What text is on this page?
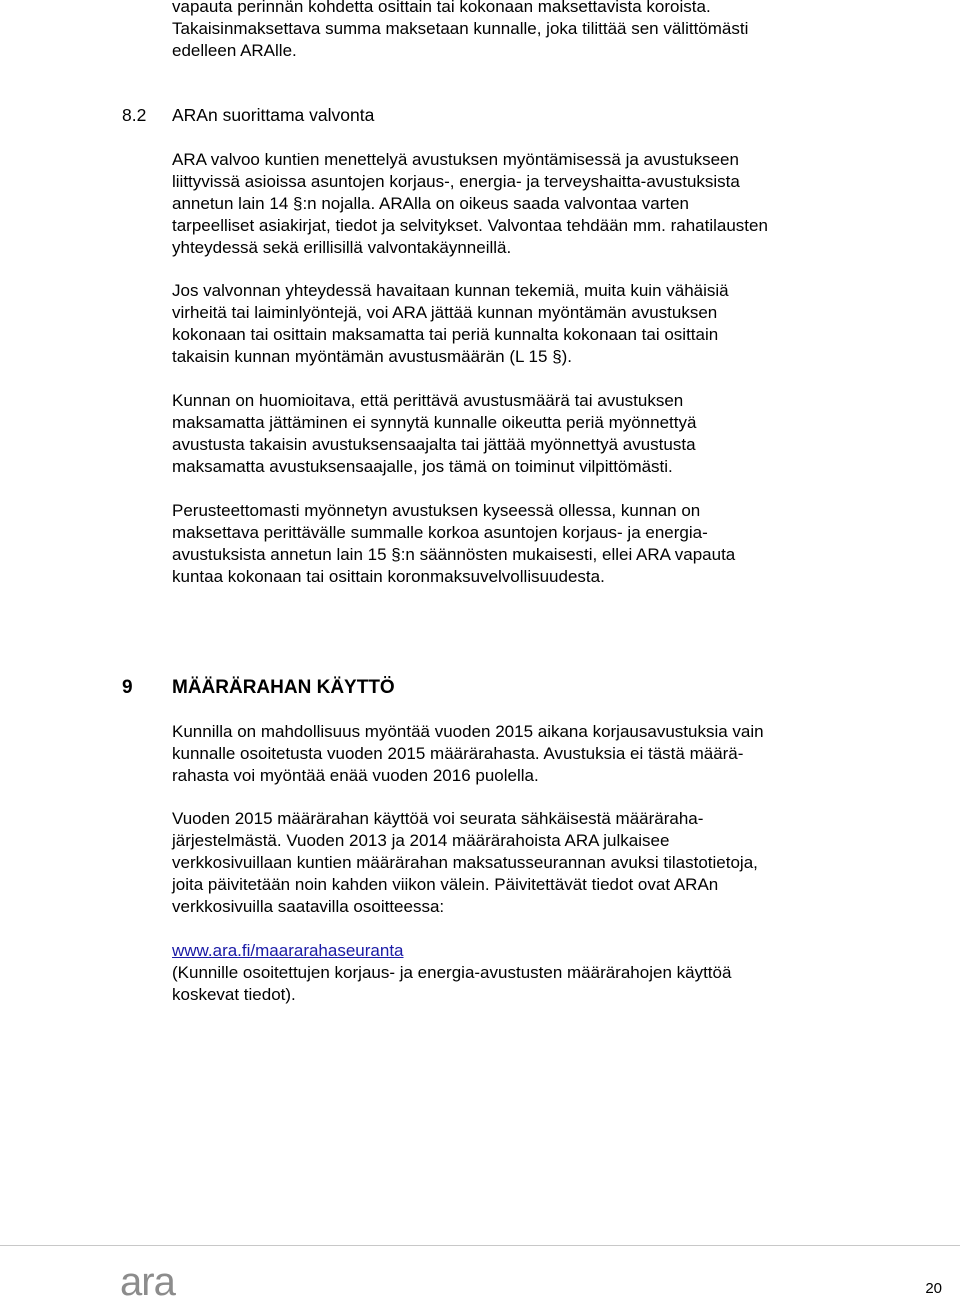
vapauta perinnän kohdetta osittain tai kokonaan maksettavista koroista.
Takaisinmaksettava summa maksetaan kunnalle, joka tilittää sen välittömästi
edelleen ARAlle.
8.2 ARAn suorittama valvonta
ARA valvoo kuntien menettelyä avustuksen myöntämisessä ja avustukseen
liittyvissä asioissa asuntojen korjaus-, energia- ja terveyshaitta-avustuksista
annetun lain 14 §:n nojalla. ARAlla on oikeus saada valvontaa varten
tarpeelliset asiakirjat, tiedot ja selvitykset. Valvontaa tehdään mm. rahatilausten
yhteydessä sekä erillisillä valvontakäynneillä.
Jos valvonnan yhteydessä havaitaan kunnan tekemiä, muita kuin vähäisiä
virheitä tai laiminlyöntejä, voi ARA jättää kunnan myöntämän avustuksen
kokonaan tai osittain maksamatta tai periä kunnalta kokonaan tai osittain
takaisin kunnan myöntämän avustusmäärän (L 15 §).
Kunnan on huomioitava, että perittävä avustusmäärä tai avustuksen
maksamatta jättäminen ei synnytä kunnalle oikeutta periä myönnettyä
avustusta takaisin avustuksensaajalta tai jättää myönnettyä avustusta
maksamatta avustuksensaajalle, jos tämä on toiminut vilpittömästi.
Perusteettomasti myönnetyn avustuksen kyseessä ollessa, kunnan on
maksettava perittävälle summalle korkoa asuntojen korjaus- ja energia-
avustuksista annetun lain 15 §:n säännösten mukaisesti, ellei ARA vapauta
kuntaa kokonaan tai osittain koronmaksuvelvollisuudesta.
9 MÄÄRÄRAHAN KÄYTTÖ
Kunnilla on mahdollisuus myöntää vuoden 2015 aikana korjausavustuksia vain
kunnalle osoitetusta vuoden 2015 määrärahasta. Avustuksia ei tästä määrä-
rahasta voi myöntää enää vuoden 2016 puolella.
Vuoden 2015 määrärahan käyttöä voi seurata sähkäisestä määräraha-
järjestelmästä. Vuoden 2013 ja 2014 määrärahoista ARA julkaisee
verkkosivuillaan kuntien määrärahan maksatusseurannan avuksi tilastotietoja,
joita päivitetään noin kahden viikon välein. Päivitettävät tiedot ovat ARAn
verkkosivuilla saatavilla osoitteessa:
www.ara.fi/maararahaseuranta
(Kunnille osoitettujen korjaus- ja energia-avustusten määrärahojen käyttöä
koskevat tiedot).
ara	20
